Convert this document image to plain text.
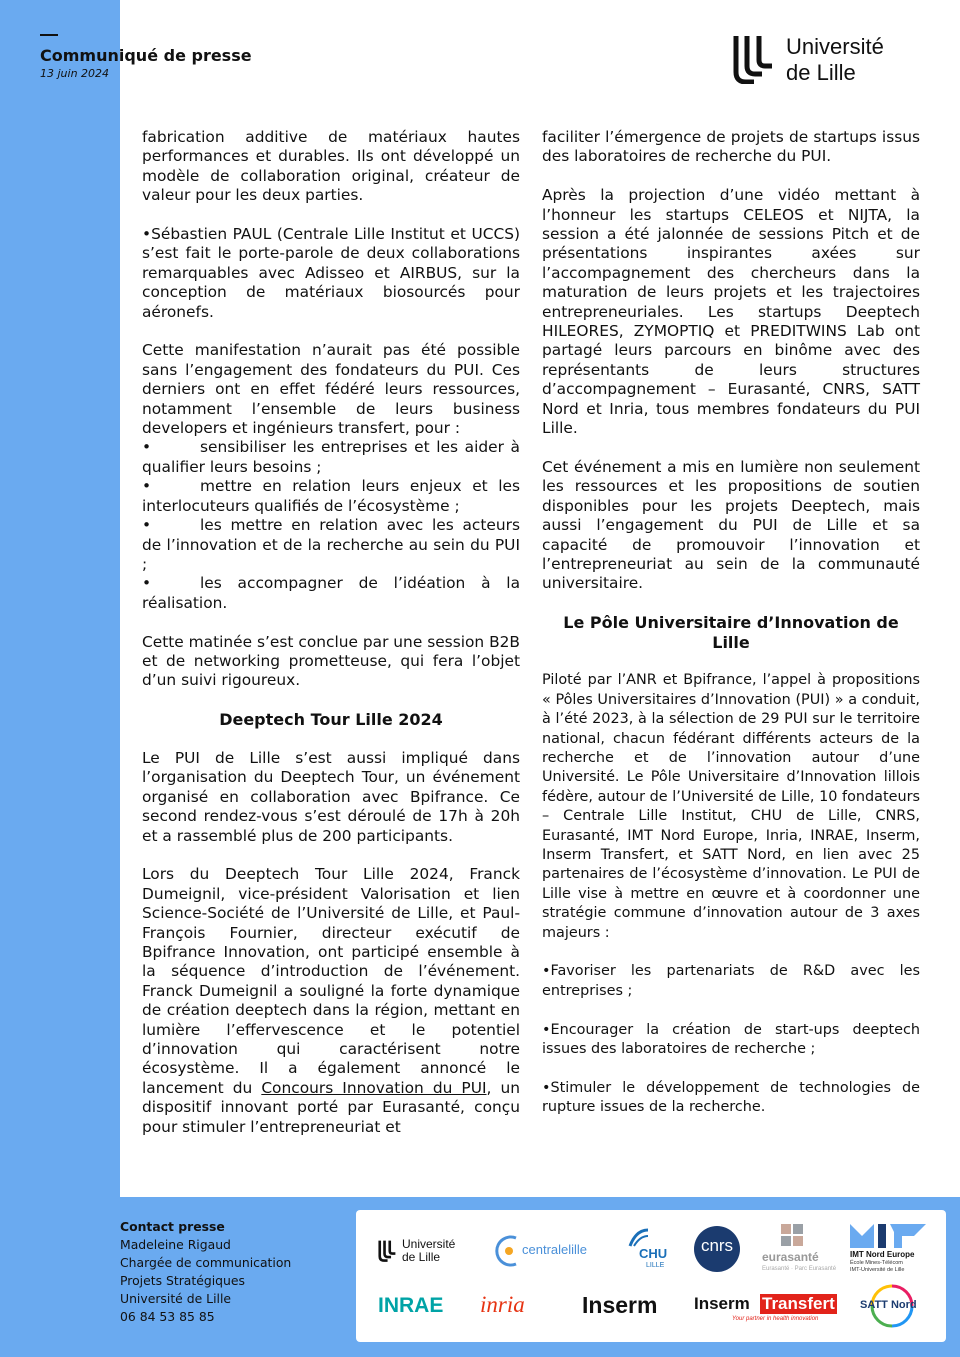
Communiqué de presse
13 juin 2024
Université
de Lille

fabrication additive de matériaux hautes performances et durables. Ils ont développé un modèle de collaboration original, créateur de valeur pour les deux parties.

•Sébastien PAUL (Centrale Lille Institut et UCCS) s’est fait le porte-parole de deux collaborations remarquables avec Adisseo et AIRBUS, sur la conception de matériaux biosourcés pour aéronefs.

Cette manifestation n’aurait pas été possible sans l’engagement des fondateurs du PUI. Ces derniers ont en effet fédéré leurs ressources, notamment l’ensemble de leurs business developers et ingénieurs transfert, pour :

•	sensibiliser les entreprises et les aider à qualifier leurs besoins ;

•	mettre en relation leurs enjeux et les interlocuteurs qualifiés de l’écosystème ;

•	les mettre en relation avec les acteurs de l’innovation et de la recherche au sein du PUI ;

•	les accompagner de l’idéation à la réalisation.

Cette matinée s’est conclue par une session B2B et de networking prometteuse, qui fera l’objet d’un suivi rigoureux.

Deeptech Tour Lille 2024

Le PUI de Lille s’est aussi impliqué dans l’organisation du Deeptech Tour, un événement organisé en collaboration avec Bpifrance. Ce second rendez-vous s’est déroulé de 17h à 20h et a rassemblé plus de 200 participants.

Lors du Deeptech Tour Lille 2024, Franck Dumeignil, vice-président Valorisation et lien Science-Société de l’Université de Lille, et Paul-François Fournier, directeur exécutif de Bpifrance Innovation, ont participé ensemble à la séquence d’introduction de l’événement. Franck Dumeignil a souligné la forte dynamique de création deeptech dans la région, mettant en lumière l’effervescence et le potentiel d’innovation qui caractérisent notre écosystème. Il a également annoncé le lancement du Concours Innovation du PUI, un dispositif innovant porté par Eurasanté, conçu pour stimuler l’entrepreneuriat et

faciliter l’émergence de projets de startups issus des laboratoires de recherche du PUI.

Après la projection d’une vidéo mettant à l’honneur les startups CELEOS et NIJTA, la session a été jalonnée de sessions Pitch et de présentations inspirantes axées sur l’accompagnement des chercheurs dans la maturation de leurs projets et les trajectoires entrepreneuriales. Les startups Deeptech HILEORES, ZYMOPTIQ et PREDITWINS Lab ont partagé leurs parcours en binôme avec des représentants de leurs structures d’accompagnement – Eurasanté, CNRS, SATT Nord et Inria, tous membres fondateurs du PUI Lille.

Cet événement a mis en lumière non seulement les ressources et les propositions de soutien disponibles pour les projets Deeptech, mais aussi l’engagement du PUI de Lille et sa capacité de promouvoir l’innovation et l’entrepreneuriat au sein de la communauté universitaire.

Le Pôle Universitaire d’Innovation de Lille

Piloté par l’ANR et Bpifrance, l’appel à propositions « Pôles Universitaires d’Innovation (PUI) » a conduit, à l’été 2023, à la sélection de 29 PUI sur le territoire national, chacun fédérant différents acteurs de la recherche et de l’innovation autour d’une Université. Le Pôle Universitaire d’Innovation lillois fédère, autour de l’Université de Lille, 10 fondateurs – Centrale Lille Institut, CHU de Lille, CNRS, Eurasanté, IMT Nord Europe, Inria, INRAE, Inserm, Inserm Transfert, et SATT Nord, en lien avec 25 partenaires de l’écosystème d’innovation. Le PUI de Lille vise à mettre en œuvre et à coordonner une stratégie commune d’innovation autour de 3 axes majeurs :

•Favoriser les partenariats de R&D avec les entreprises ;

•Encourager la création de start-ups deeptech issues des laboratoires de recherche ;

•Stimuler le développement de technologies de rupture issues de la recherche.

Contact presse
Madeleine Rigaud
Chargée de communication
Projets Stratégiques
Université de Lille
06 84 53 85 85
Université
de Lille	centralelille	CHU
LILLE
cnrs
eurasanté
Eurasanté · Parc Eurasanté
IMT Nord Europe
École Mines-Télécom
IMT-Université de Lille
INRAE inria Inserm Inserm Transfert
Your partner in health innovation
SATT Nord
